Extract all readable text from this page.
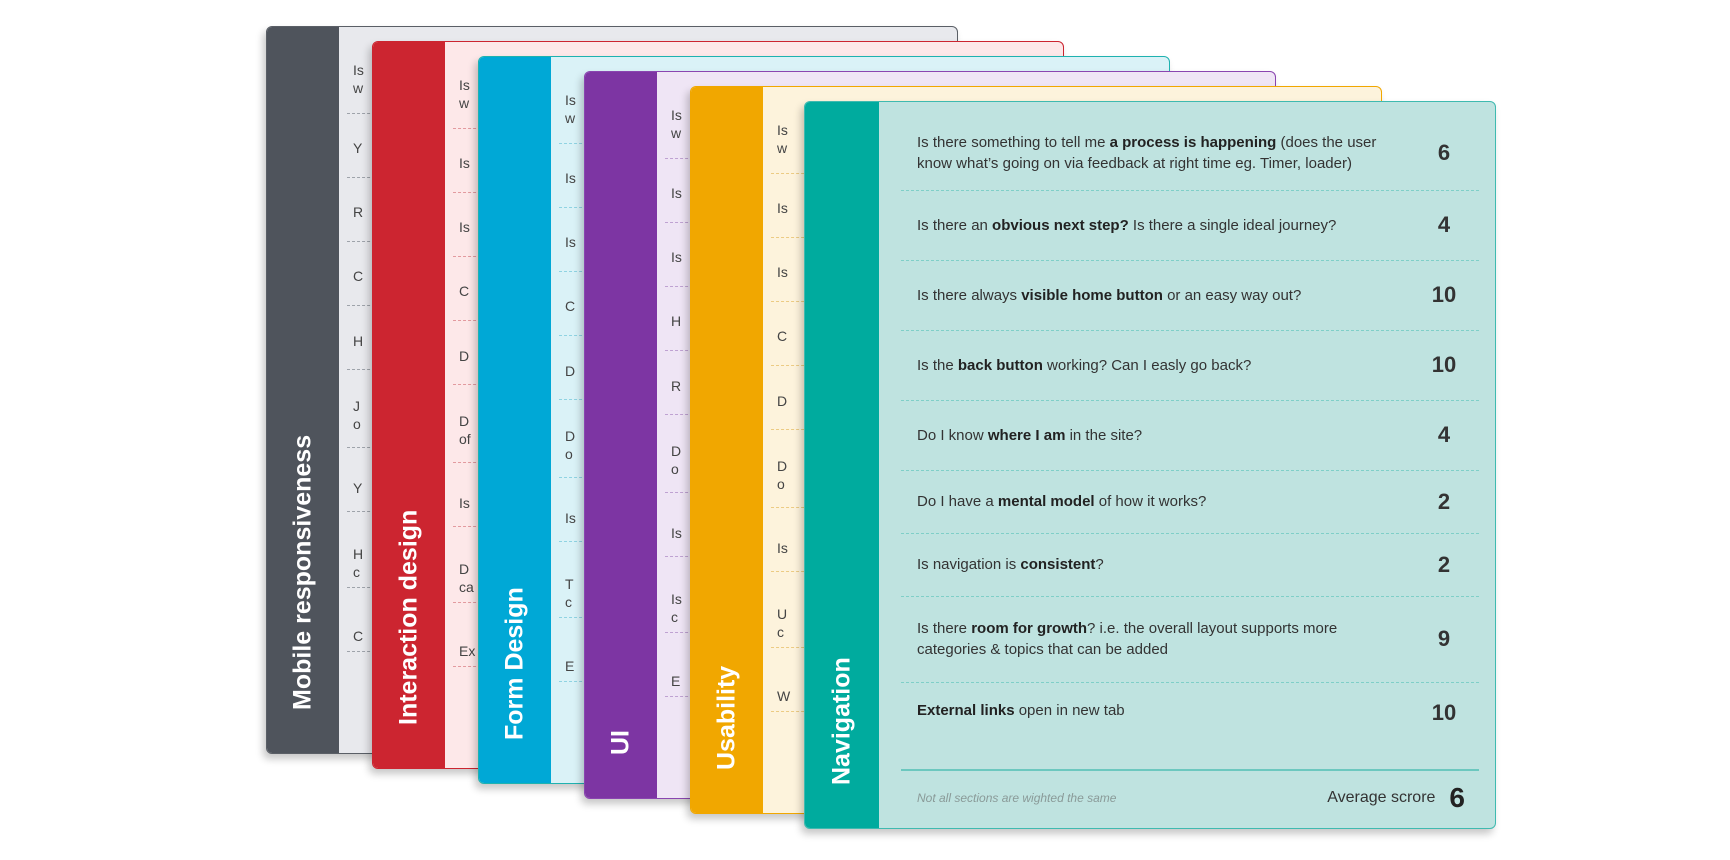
Mobile responsiveness
Is
w
Y
R
C
H
J
o
Y
H
c
C Interaction design
Is
w
Is
Is
C
D
D
of
Is
D
ca
Ex Form Design
Is
w
Is
Is
C
D
D
o
Is
T
c
E
UI
Is
w
Is
Is
H
R
D
o
Is
Is
c
E Usability
Is
w
Is
Is
C
D
D
o
Is
U
c
W Navigation
Is there something to tell me a process is happening (does the user know what’s going on via feedback at right time eg. Timer, loader)	6
Is there an obvious next step? Is there a single ideal journey?	4
Is there always visible home button or an easy way out?	10
Is the back button working? Can I easly go back?	10
Do I know where I am in the site?	4
Do I have a mental model of how it works?	2
Is navigation is consistent?	2
Is there room for growth? i.e. the overall layout supports more categories & topics that can be added	9
External links open in new tab	10
Not all sections are wighted the same	Average scrore 6
